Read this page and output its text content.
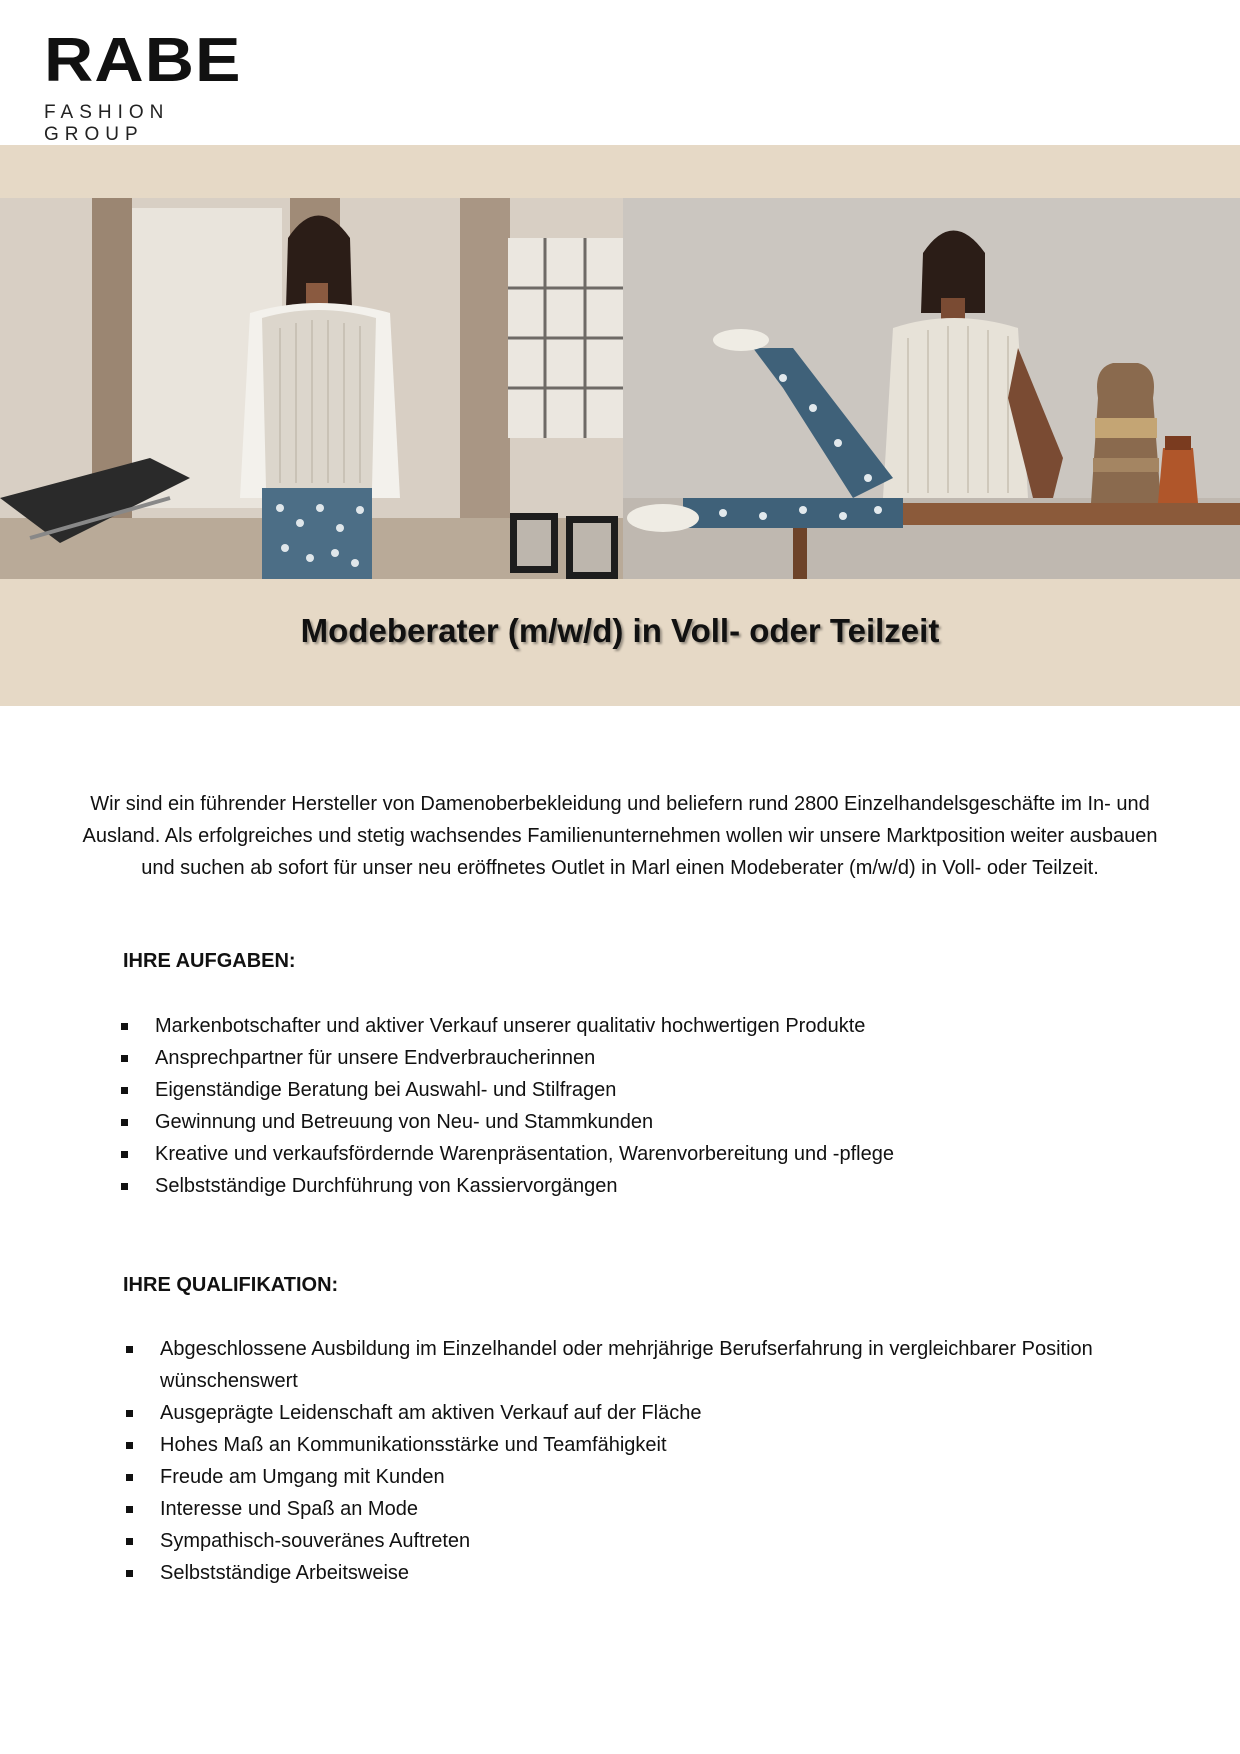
RABE
FASHION GROUP
Modeberater (m/w/d) in Voll- oder Teilzeit

Wir sind ein führender Hersteller von Damenoberbekleidung und beliefern rund 2800 Einzelhandelsgeschäfte im In- und Ausland. Als erfolgreiches und stetig wachsendes Familienunternehmen wollen wir unsere Marktposition weiter ausbauen und suchen ab sofort für unser neu eröffnetes Outlet in Marl einen Modeberater (m/w/d) in Voll- oder Teilzeit.

IHRE AUFGABEN:
Markenbotschafter und aktiver Verkauf unserer qualitativ hochwertigen Produkte
Ansprechpartner für unsere Endverbraucherinnen
Eigenständige Beratung bei Auswahl- und Stilfragen
Gewinnung und Betreuung von Neu- und Stammkunden
Kreative und verkaufsfördernde Warenpräsentation, Warenvorbereitung und -pflege
Selbstständige Durchführung von Kassiervorgängen
IHRE QUALIFIKATION:
Abgeschlossene Ausbildung im Einzelhandel oder mehrjährige Berufserfahrung in vergleichbarer Position wünschenswert
Ausgeprägte Leidenschaft am aktiven Verkauf auf der Fläche
Hohes Maß an Kommunikationsstärke und Teamfähigkeit
Freude am Umgang mit Kunden
Interesse und Spaß an Mode
Sympathisch-souveränes Auftreten
Selbstständige Arbeitsweise
